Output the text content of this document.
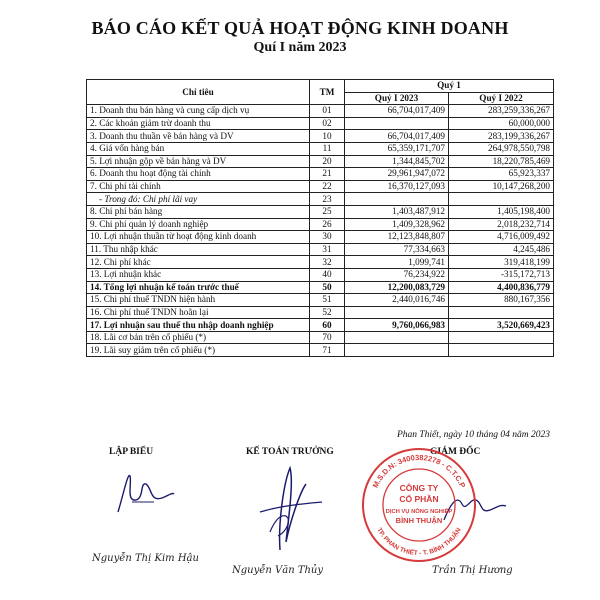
BÁO CÁO KẾT QUẢ HOẠT ĐỘNG KINH DOANH
Quí I năm 2023
Chỉ tiêu	TM	Quý 1	
		Quý I 2023	Quý I 2022
1. Doanh thu bán hàng và cung cấp dịch vụ	01	66,704,017,409	283,259,336,267
2. Các khoản giảm trừ doanh thu	02		60,000,000
3. Doanh thu thuần về bán hàng và DV	10	66,704,017,409	283,199,336,267
4. Giá vốn hàng bán	11	65,359,171,707	264,978,550,798
5. Lợi nhuận gộp về bán hàng và DV	20	1,344,845,702	18,220,785,469
6. Doanh thu hoạt động tài chính	21	29,961,947,072	65,923,337
7. Chi phí tài chính	22	16,370,127,093	10,147,268,200
- Trong đó: Chi phí lãi vay	23		
8. Chi phí bán hàng	25	1,403,487,912	1,405,198,400
9. Chi phí quản lý doanh nghiệp	26	1,409,328,962	2,018,232,714
10. Lợi nhuận thuần từ hoạt động kinh doanh	30	12,123,848,807	4,716,009,492
11. Thu nhập khác	31	77,334,663	4,245,486
12. Chi phí khác	32	1,099,741	319,418,199
13. Lợi nhuận khác	40	76,234,922	-315,172,713
14. Tổng lợi nhuận kế toán trước thuế	50	12,200,083,729	4,400,836,779
15. Chi phí thuế TNDN hiện hành	51	2,440,016,746	880,167,356
16. Chi phí thuế TNDN hoãn lại	52		
17. Lợi nhuận sau thuế thu nhập doanh nghiệp	60	9,760,066,983	3,520,669,423
18. Lãi cơ bản trên cổ phiếu (*)	70		
19. Lãi suy giảm trên cổ phiếu (*)	71		
Phan Thiết, ngày 10 tháng 04 năm 2023
LẬP BIỂU	KẾ TOÁN TRƯỞNG	GIÁM ĐỐC
M.S.D.N: 3400382278 - C.T.C.P
TP. PHAN THIẾT - T. BÌNH THUẬN
CÔNG TY
CỔ PHẦN
DỊCH VỤ NÔNG NGHIỆP
BÌNH THUẬN
Nguyễn Thị Kim Hậu
Nguyễn Văn Thủy	Trần Thị Hương
